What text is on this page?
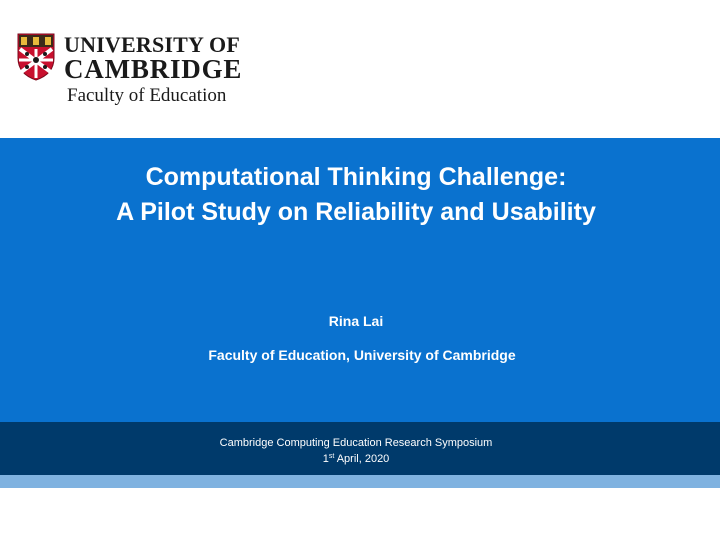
UNIVERSITY OF
CAMBRIDGE
Faculty of Education
Computational Thinking Challenge:
A Pilot Study on Reliability and Usability
Rina Lai
Faculty of Education, University of Cambridge
Cambridge Computing Education Research Symposium
1st April, 2020
